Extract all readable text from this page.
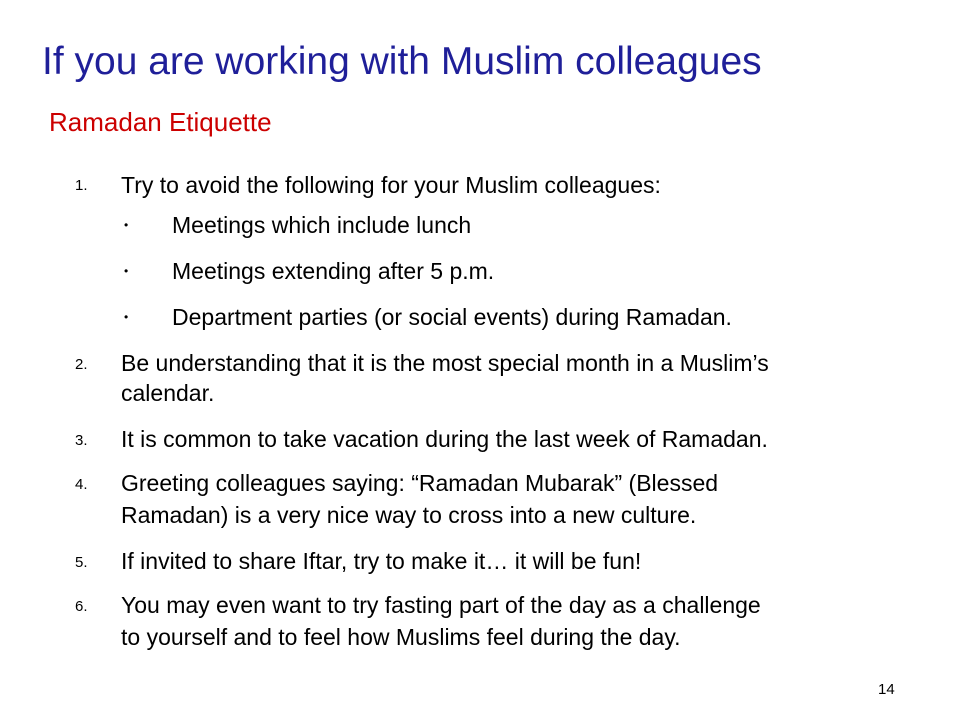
If you are working with Muslim colleagues
Ramadan Etiquette
1. Try to avoid the following for your Muslim colleagues:
• Meetings which include lunch
• Meetings extending after 5 p.m.
• Department parties (or social events) during Ramadan.
2. Be understanding that it is the most special month in a Muslim’s
calendar.
3. It is common to take vacation during the last week of Ramadan.
4. Greeting colleagues saying: “Ramadan Mubarak” (Blessed
Ramadan) is a very nice way to cross into a new culture.
5. If invited to share Iftar, try to make it… it will be fun!
6. You may even want to try fasting part of the day as a challenge
to yourself and to feel how Muslims feel during the day.
14
